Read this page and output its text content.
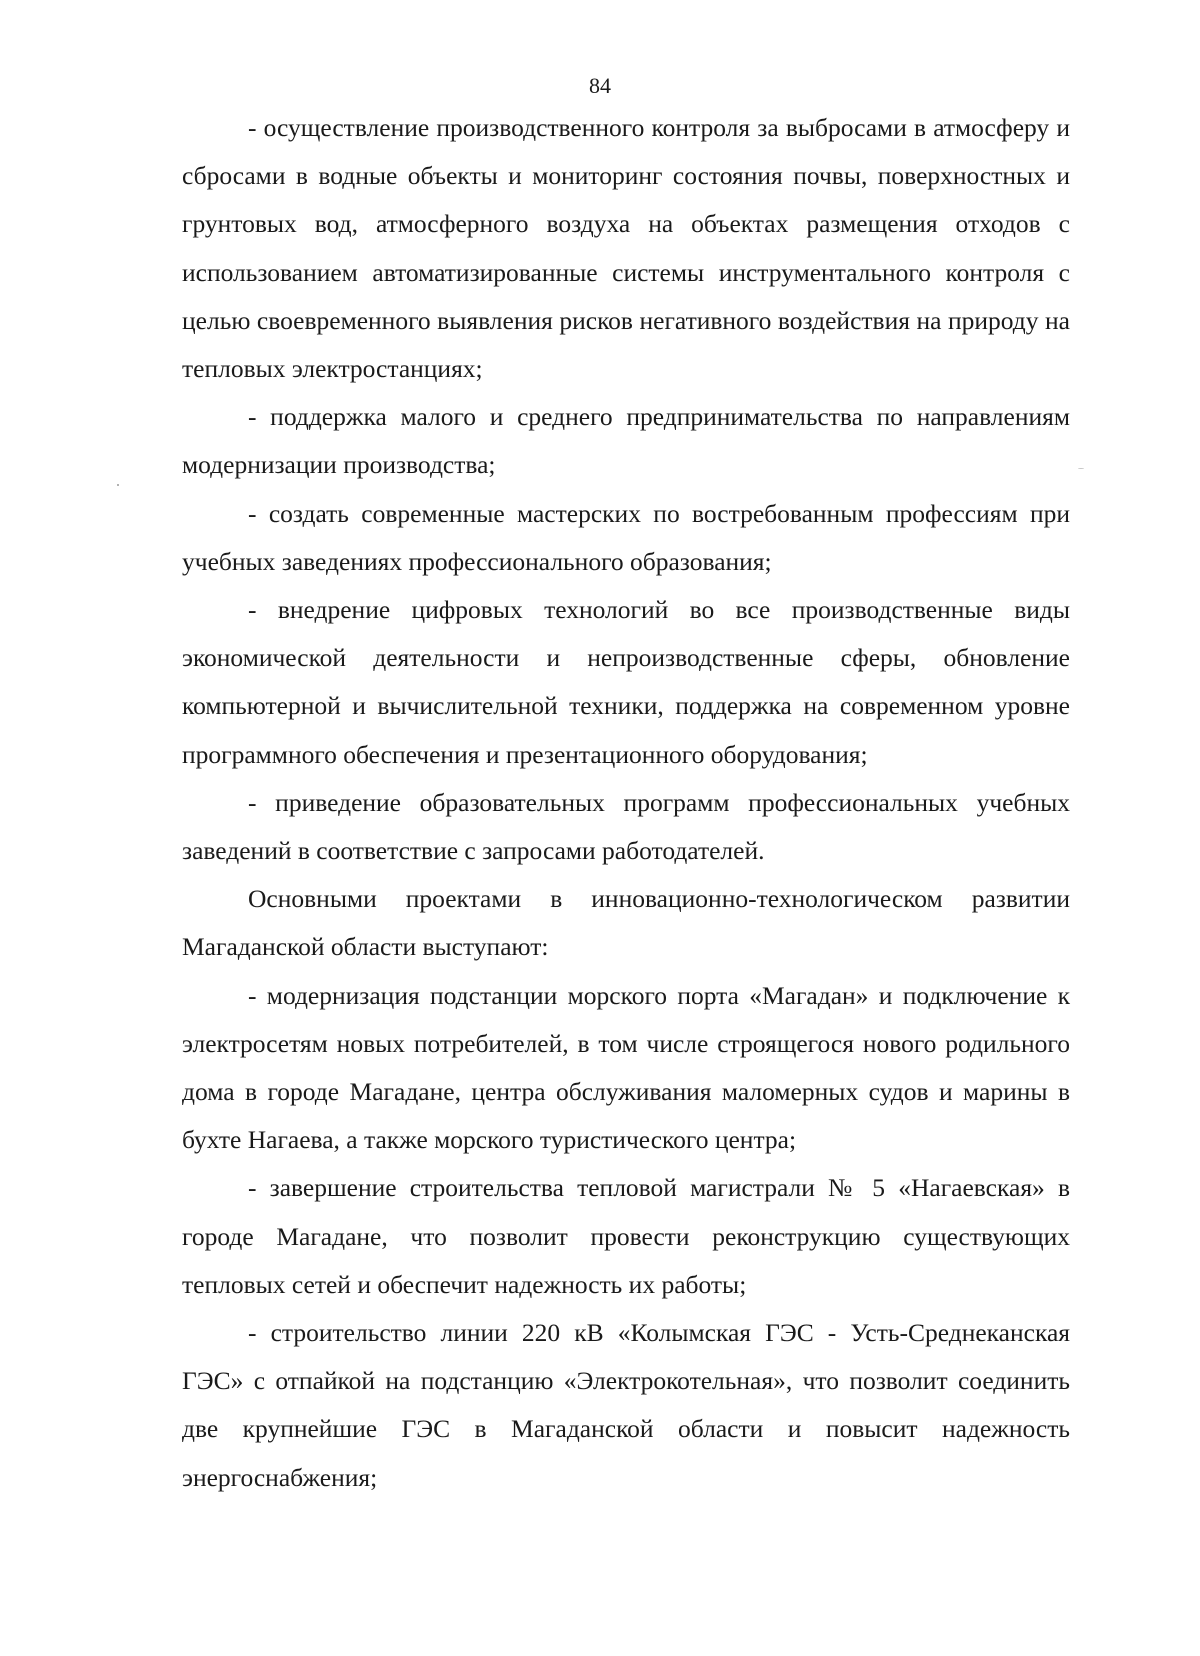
84

- осуществление производственного контроля за выбросами в атмосферу и сбросами в водные объекты и мониторинг состояния почвы, поверхностных и грунтовых вод, атмосферного воздуха на объектах размещения отходов с использованием автоматизированные системы инструментального контроля с целью своевременного выявления рисков негативного воздействия на природу на тепловых электростанциях;

- поддержка малого и среднего предпринимательства по направлениям модернизации производства;

- создать современные мастерских по востребованным профессиям при учебных заведениях профессионального образования;

- внедрение цифровых технологий во все производственные виды экономической деятельности и непроизводственные сферы, обновление компьютерной и вычислительной техники, поддержка на современном уровне программного обеспечения и презентационного оборудования;

- приведение образовательных программ профессиональных учебных заведений в соответствие с запросами работодателей.

Основными проектами в инновационно-технологическом развитии Магаданской области выступают:

- модернизация подстанции морского порта «Магадан» и подключение к электросетям новых потребителей, в том числе строящегося нового родильного дома в городе Магадане, центра обслуживания маломерных судов и марины в бухте Нагаева, а также морского туристического центра;

- завершение строительства тепловой магистрали № 5 «Нагаевская» в городе Магадане, что позволит провести реконструкцию существующих тепловых сетей и обеспечит надежность их работы;

- строительство линии 220 кВ «Колымская ГЭС - Усть-Среднеканская ГЭС» с отпайкой на подстанцию «Электрокотельная», что позволит соединить две крупнейшие ГЭС в Магаданской области и повысит надежность энергоснабжения;
